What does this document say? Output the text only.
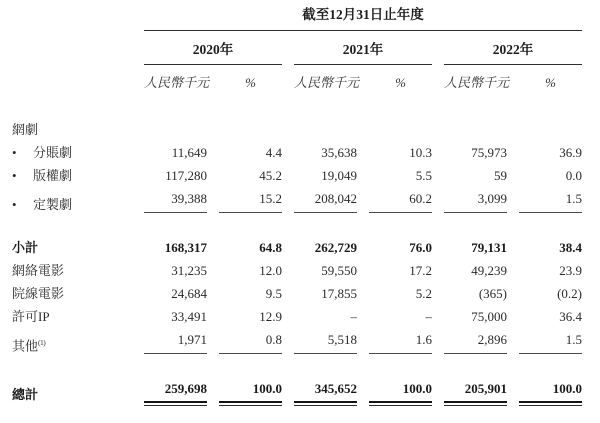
截至12月31日止年度
2020年	2021年	2022年
人民幣千元	%	人民幣千元	%	人民幣千元	%
網劇
• 分賬劇	11,649	4.4	35,638	10.3	75,973	36.9
• 版權劇	117,280	45.2	19,049	5.5	59	0.0
• 定製劇	39,388	15.2	208,042	60.2	3,099	1.5
小計	168,317	64.8	262,729	76.0	79,131	38.4
網絡電影	31,235	12.0	59,550	17.2	49,239	23.9
院線電影	24,684	9.5	17,855	5.2	(365)	(0.2)
許可IP	33,491	12.9	–	–	75,000	36.4
其他$^{(1)}$	1,971	0.8	5,518	1.6	2,896	1.5
總計	259,698	100.0	345,652	100.0	205,901	100.0
